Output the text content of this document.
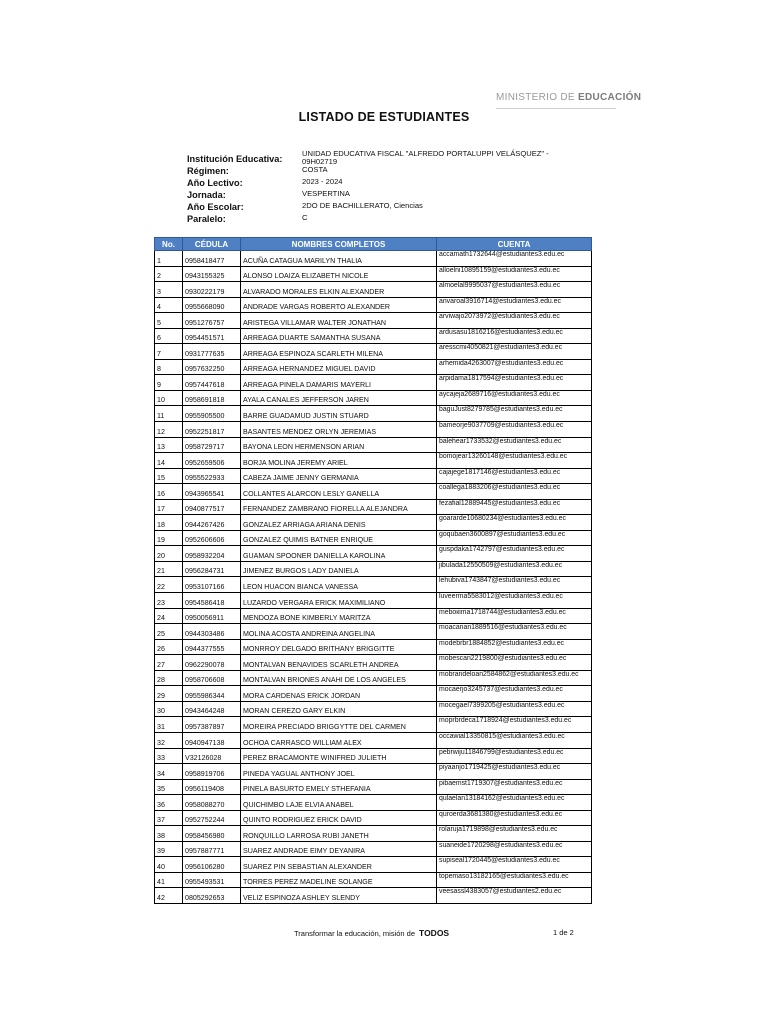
MINISTERIO DE EDUCACIÓN
LISTADO DE ESTUDIANTES
Institución Educativa:
UNIDAD EDUCATIVA FISCAL "ALFREDO PORTALUPPI VELÁSQUEZ" - 09H02719
Régimen:	COSTA
Año Lectivo:	2023 - 2024
Jornada:	VESPERTINA
Año Escolar:	2DO DE BACHILLERATO, Ciencias
Paralelo:	C
No.	CÉDULA	NOMBRES COMPLETOS	CUENTA
1	0958418477	ACUÑA CATAGUA MARILYN THALIA	accamath1732644@estudiantes3.edu.ec
2	0943155325	ALONSO LOAIZA ELIZABETH NICOLE	alloelni10895159@estudiantes3.edu.ec
3	0930222179	ALVARADO MORALES ELKIN ALEXANDER	almoelal9995037@estudiantes3.edu.ec
4	0955668090	ANDRADE VARGAS ROBERTO ALEXANDER	anvaroal3916714@estudiantes3.edu.ec
5	0951276757	ARISTEGA VILLAMAR WALTER JONATHAN	arviwajo2073972@estudiantes3.edu.ec
6	0954451571	ARREAGA DUARTE SAMANTHA SUSANA	ardusasu1816216@estudiantes3.edu.ec
7	0931777635	ARREAGA ESPINOZA SCARLETH MILENA	aresscmi4050821@estudiantes3.edu.ec
8	0957632250	ARREAGA HERNANDEZ MIGUEL DAVID	arhemida4263007@estudiantes3.edu.ec
9	0957447618	ARREAGA PINELA DAMARIS MAYERLI	arpidama1817594@estudiantes3.edu.ec
10	0958691818	AYALA CANALES JEFFERSON JAREN	aycajeja2689716@estudiantes3.edu.ec
11	0955905500	BARRE GUADAMUD JUSTIN STUARD	baguJust8279785@estudiantes3.edu.ec
12	0952251817	BASANTES MENDEZ ORLYN JEREMIAS	bameorje9037709@estudiantes3.edu.ec
13	0958729717	BAYONA LEON HERMENSON ARIAN	balehear1733532@estudiantes3.edu.ec
14	0952659506	BORJA MOLINA JEREMY ARIEL	bomojear13260148@estudiantes3.edu.ec
15	0955522933	CABEZA JAIME JENNY GERMANIA	cajajege1817146@estudiantes3.edu.ec
16	0943965541	COLLANTES ALARCON LESLY GANELLA	coallega1883206@estudiantes3.edu.ec
17	0940877517	FERNANDEZ ZAMBRANO FIORELLA ALEJANDRA	fezafial12889445@estudiantes3.edu.ec
18	0944267426	GONZALEZ ARRIAGA ARIANA DENIS	goararde10680234@estudiantes3.edu.ec
19	0952606606	GONZALEZ QUIMIS BATNER ENRIQUE	goqubaen3600897@estudiantes3.edu.ec
20	0958932204	GUAMAN SPOONER DANIELLA KAROLINA	guspdaka1742797@estudiantes3.edu.ec
21	0956284731	JIMENEZ BURGOS LADY DANIELA	jibulada12550509@estudiantes3.edu.ec
22	0953107166	LEON HUACON BIANCA VANESSA	lehubiva1743847@estudiantes3.edu.ec
23	0954586418	LUZARDO VERGARA ERICK MAXIMILIANO	luveerma5583012@estudiantes3.edu.ec
24	0950056911	MENDOZA BONE KIMBERLY MARITZA	meboкima1718744@estudiantes3.edu.ec
25	0944303486	MOLINA ACOSTA ANDREINA ANGELINA	moacanan1889516@estudiantes3.edu.ec
26	0944377555	MONRROY DELGADO BRITHANY BRIGGITTE	modebrbr1884852@estudiantes3.edu.ec
27	0962290078	MONTALVAN BENAVIDES SCARLETH ANDREA	mobescan2219800@estudiantes3.edu.ec
28	0958706608	MONTALVAN BRIONES ANAHI DE LOS ANGELES	mobrandeloan2584862@estudiantes3.edu.ec
29	0955986344	MORA CARDENAS ERICK JORDAN	mocaerjo3245737@estudiantes3.edu.ec
30	0943464248	MORAN CEREZO GARY ELKIN	mocegael7399205@estudiantes3.edu.ec
31	0957387897	MOREIRA PRECIADO BRIGGYTTE DEL CARMEN	moprbrdeca1718924@estudiantes3.edu.ec
32	0940947138	OCHOA CARRASCO WILLIAM ALEX	occawial13350815@estudiantes3.edu.ec
33	V32126028	PEREZ BRACAMONTE WINIFRED JULIETH	pebrwiju11846799@estudiantes3.edu.ec
34	0958919706	PINEDA YAGUAL ANTHONY JOEL	piyaanjo1719425@estudiantes3.edu.ec
35	0956119408	PINELA BASURTO EMELY STHEFANIA	pibaemst1719307@estudiantes3.edu.ec
36	0958088270	QUICHIMBO LAJE ELVIA ANABEL	qulaelan13184162@estudiantes3.edu.ec
37	0952752244	QUINTO RODRIGUEZ ERICK DAVID	quroerda3681380@estudiantes3.edu.ec
38	0958456980	RONQUILLO LARROSA RUBI JANETH	rolaruja1719898@estudiantes3.edu.ec
39	0957887771	SUAREZ ANDRADE EIMY DEYANIRA	suaneide1720298@estudiantes3.edu.ec
40	0956106280	SUAREZ PIN SEBASTIAN ALEXANDER	supiseal1720445@estudiantes3.edu.ec
41	0955493531	TORRES PEREZ MADELINE SOLANGE	topemaso13182165@estudiantes3.edu.ec
42	0805292653	VELIZ ESPINOZA ASHLEY SLENDY	veesassl4383057@estudiantes2.edu.ec
Transformar la educación, misión de TODOS	1 de 2
